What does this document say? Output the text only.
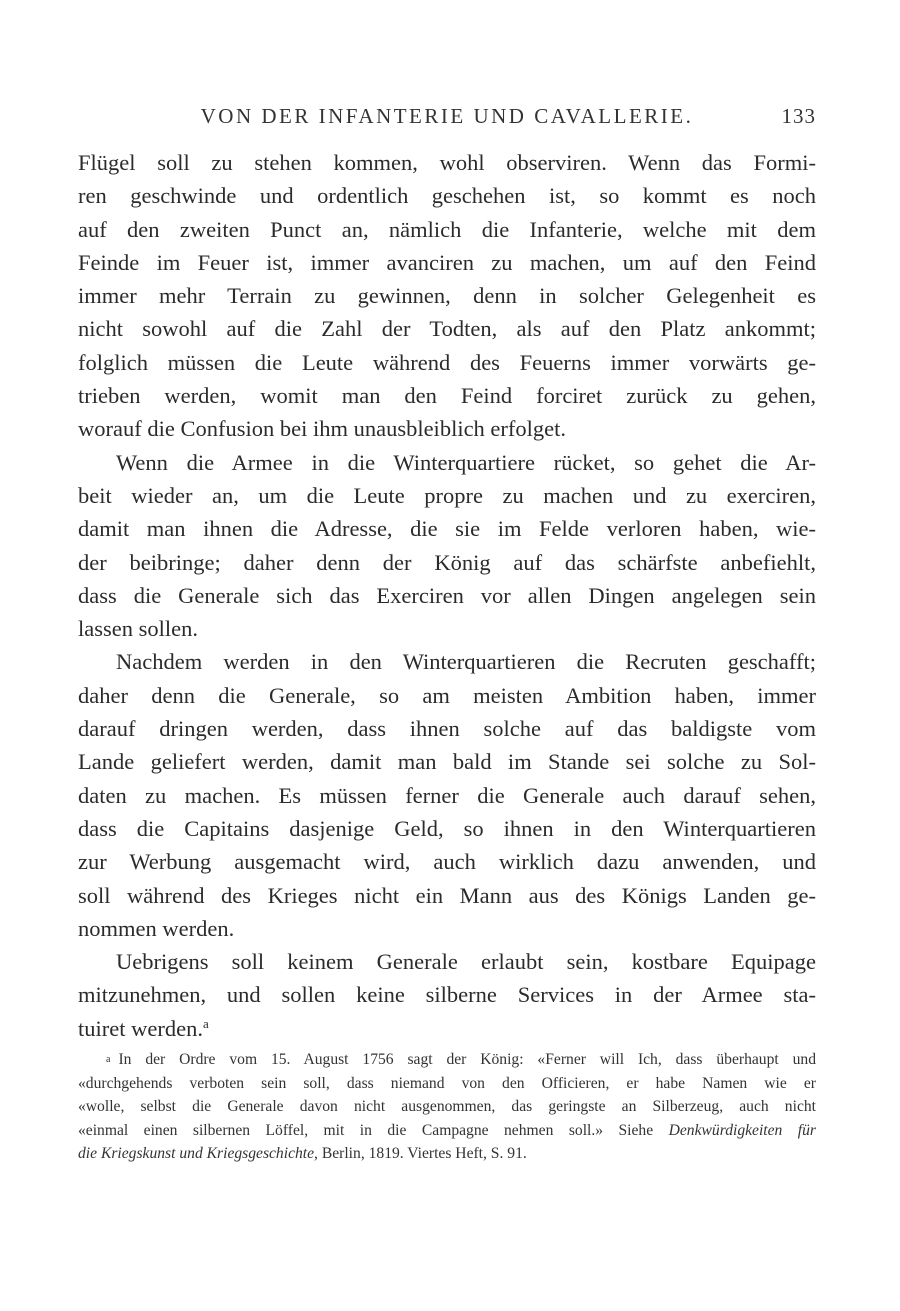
VON DER INFANTERIE UND CAVALLERIE.	133
Flügel soll zu stehen kommen, wohl observiren. Wenn das Formi-
ren geschwinde und ordentlich geschehen ist, so kommt es noch
auf den zweiten Punct an, nämlich die Infanterie, welche mit dem
Feinde im Feuer ist, immer avanciren zu machen, um auf den Feind
immer mehr Terrain zu gewinnen, denn in solcher Gelegenheit es
nicht sowohl auf die Zahl der Todten, als auf den Platz ankommt;
folglich müssen die Leute während des Feuerns immer vorwärts ge-
trieben werden, womit man den Feind forciret zurück zu gehen,
worauf die Confusion bei ihm unausbleiblich erfolget.
Wenn die Armee in die Winterquartiere rücket, so gehet die Ar-
beit wieder an, um die Leute propre zu machen und zu exerciren,
damit man ihnen die Adresse, die sie im Felde verloren haben, wie-
der beibringe; daher denn der König auf das schärfste anbefiehlt,
dass die Generale sich das Exerciren vor allen Dingen angelegen sein
lassen sollen.
Nachdem werden in den Winterquartieren die Recruten geschafft;
daher denn die Generale, so am meisten Ambition haben, immer
darauf dringen werden, dass ihnen solche auf das baldigste vom
Lande geliefert werden, damit man bald im Stande sei solche zu Sol-
daten zu machen. Es müssen ferner die Generale auch darauf sehen,
dass die Capitains dasjenige Geld, so ihnen in den Winterquartieren
zur Werbung ausgemacht wird, auch wirklich dazu anwenden, und
soll während des Krieges nicht ein Mann aus des Königs Landen ge-
nommen werden.
Uebrigens soll keinem Generale erlaubt sein, kostbare Equipage
mitzunehmen, und sollen keine silberne Services in der Armee sta-
tuiret werden.$^a$
a In der Ordre vom 15. August 1756 sagt der König: «Ferner will Ich, dass überhaupt und
«durchgehends verboten sein soll, dass niemand von den Officieren, er habe Namen wie er
«wolle, selbst die Generale davon nicht ausgenommen, das geringste an Silberzeug, auch nicht
«einmal einen silbernen Löffel, mit in die Campagne nehmen soll.» Siehe Denkwürdigkeiten für
die Kriegskunst und Kriegsgeschichte, Berlin, 1819. Viertes Heft, S. 91.
